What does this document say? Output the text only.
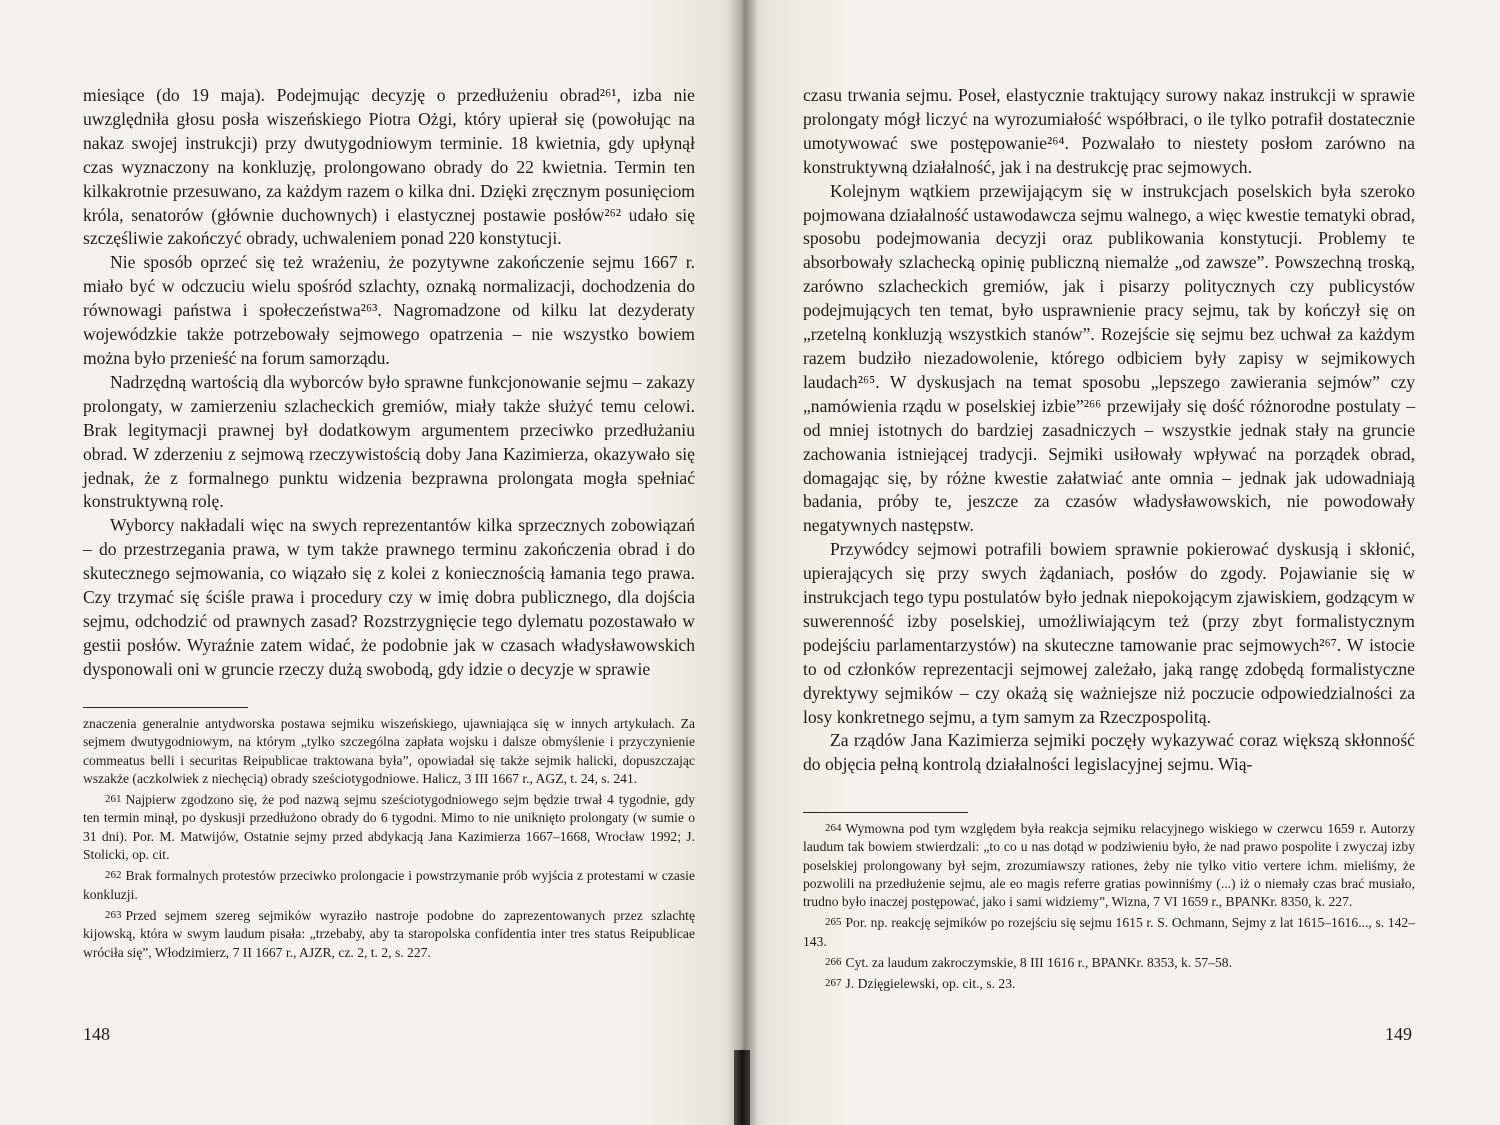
miesiące (do 19 maja). Podejmując decyzję o przedłużeniu obrad²⁶¹, izba nie uwzględniła głosu posła wiszeńskiego Piotra Ożgi, który upierał się (powołując na nakaz swojej instrukcji) przy dwutygodniowym terminie. 18 kwietnia, gdy upłynął czas wyznaczony na konkluzję, prolongowano obrady do 22 kwietnia. Termin ten kilkakrotnie przesuwano, za każdym razem o kilka dni. Dzięki zręcznym posunięciom króla, senatorów (głównie duchownych) i elastycznej postawie posłów²⁶² udało się szczęśliwie zakończyć obrady, uchwaleniem ponad 220 konstytucji.

Nie sposób oprzeć się też wrażeniu, że pozytywne zakończenie sejmu 1667 r. miało być w odczuciu wielu spośród szlachty, oznaką normalizacji, dochodzenia do równowagi państwa i społeczeństwa²⁶³. Nagromadzone od kilku lat dezyderaty wojewódzkie także potrzebowały sejmowego opatrzenia – nie wszystko bowiem można było przenieść na forum samorządu.

Nadrzędną wartością dla wyborców było sprawne funkcjonowanie sejmu – zakazy prolongaty, w zamierzeniu szlacheckich gremiów, miały także służyć temu celowi. Brak legitymacji prawnej był dodatkowym argumentem przeciwko przedłużaniu obrad. W zderzeniu z sejmową rzeczywistością doby Jana Kazimierza, okazywało się jednak, że z formalnego punktu widzenia bezprawna prolongata mogła spełniać konstruktywną rolę.

Wyborcy nakładali więc na swych reprezentantów kilka sprzecznych zobowiązań – do przestrzegania prawa, w tym także prawnego terminu zakończenia obrad i do skutecznego sejmowania, co wiązało się z kolei z koniecznością łamania tego prawa. Czy trzymać się ściśle prawa i procedury czy w imię dobra publicznego, dla dojścia sejmu, odchodzić od prawnych zasad? Rozstrzygnięcie tego dylematu pozostawało w gestii posłów. Wyraźnie zatem widać, że podobnie jak w czasach władysławowskich dysponowali oni w gruncie rzeczy dużą swobodą, gdy idzie o decyzje w sprawie

znaczenia generalnie antydworska postawa sejmiku wiszeńskiego, ujawniająca się w innych artykułach. Za sejmem dwutygodniowym, na którym „tylko szczególna zapłata wojsku i dalsze obmyślenie i przyczynienie commeatus belli i securitas Reipublicae traktowana była”, opowiadał się także sejmik halicki, dopuszczając wszakże (aczkolwiek z niechęcią) obrady sześciotygodniowe. Halicz, 3 III 1667 r., AGZ, t. 24, s. 241.

$^{261}$ Najpierw zgodzono się, że pod nazwą sejmu sześciotygodniowego sejm będzie trwał 4 tygodnie, gdy ten termin minął, po dyskusji przedłużono obrady do 6 tygodni. Mimo to nie uniknięto prolongaty (w sumie o 31 dni). Por. M. Matwijów, Ostatnie sejmy przed abdykacją Jana Kazimierza 1667–1668, Wrocław 1992; J. Stolicki, op. cit.

$^{262}$ Brak formalnych protestów przeciwko prolongacie i powstrzymanie prób wyjścia z protestami w czasie konkluzji.

$^{263}$ Przed sejmem szereg sejmików wyraziło nastroje podobne do zaprezentowanych przez szlachtę kijowską, która w swym laudum pisała: „trzebaby, aby ta staropolska confidentia inter tres status Reipublicae wróciła się”, Włodzimierz, 7 II 1667 r., AJZR, cz. 2, t. 2, s. 227.

148

czasu trwania sejmu. Poseł, elastycznie traktujący surowy nakaz instrukcji w sprawie prolongaty mógł liczyć na wyrozumiałość współbraci, o ile tylko potrafił dostatecznie umotywować swe postępowanie²⁶⁴. Pozwalało to niestety posłom zarówno na konstruktywną działalność, jak i na destrukcję prac sejmowych.

Kolejnym wątkiem przewijającym się w instrukcjach poselskich była szeroko pojmowana działalność ustawodawcza sejmu walnego, a więc kwestie tematyki obrad, sposobu podejmowania decyzji oraz publikowania konstytucji. Problemy te absorbowały szlachecką opinię publiczną niemalże „od zawsze”. Powszechną troską, zarówno szlacheckich gremiów, jak i pisarzy politycznych czy publicystów podejmujących ten temat, było usprawnienie pracy sejmu, tak by kończył się on „rzetelną konkluzją wszystkich stanów”. Rozejście się sejmu bez uchwał za każdym razem budziło niezadowolenie, którego odbiciem były zapisy w sejmikowych laudach²⁶⁵. W dyskusjach na temat sposobu „lepszego zawierania sejmów” czy „namówienia rządu w poselskiej izbie”²⁶⁶ przewijały się dość różnorodne postulaty – od mniej istotnych do bardziej zasadniczych – wszystkie jednak stały na gruncie zachowania istniejącej tradycji. Sejmiki usiłowały wpływać na porządek obrad, domagając się, by różne kwestie załatwiać ante omnia – jednak jak udowadniają badania, próby te, jeszcze za czasów władysławowskich, nie powodowały negatywnych następstw.

Przywódcy sejmowi potrafili bowiem sprawnie pokierować dyskusją i skłonić, upierających się przy swych żądaniach, posłów do zgody. Pojawianie się w instrukcjach tego typu postulatów było jednak niepokojącym zjawiskiem, godzącym w suwerenność izby poselskiej, umożliwiającym też (przy zbyt formalistycznym podejściu parlamentarzystów) na skuteczne tamowanie prac sejmowych²⁶⁷. W istocie to od członków reprezentacji sejmowej zależało, jaką rangę zdobędą formalistyczne dyrektywy sejmików – czy okażą się ważniejsze niż poczucie odpowiedzialności za losy konkretnego sejmu, a tym samym za Rzeczpospolitą.

Za rządów Jana Kazimierza sejmiki poczęły wykazywać coraz większą skłonność do objęcia pełną kontrolą działalności legislacyjnej sejmu. Wią-

$^{264}$ Wymowna pod tym względem była reakcja sejmiku relacyjnego wiskiego w czerwcu 1659 r. Autorzy laudum tak bowiem stwierdzali: „to co u nas dotąd w podziwieniu było, że nad prawo pospolite i zwyczaj izby poselskiej prolongowany był sejm, zrozumiawszy rationes, żeby nie tylko vitio vertere ichm. mieliśmy, że pozwolili na przedłużenie sejmu, ale eo magis referre gratias powinniśmy (...) iż o niemały czas brać musiało, trudno było inaczej postępować, jako i sami widziemy”, Wizna, 7 VI 1659 r., BPANKr. 8350, k. 227.

$^{265}$ Por. np. reakcję sejmików po rozejściu się sejmu 1615 r. S. Ochmann, Sejmy z lat 1615–1616..., s. 142–143.

$^{266}$ Cyt. za laudum zakroczymskie, 8 III 1616 r., BPANKr. 8353, k. 57–58.

$^{267}$ J. Dzięgielewski, op. cit., s. 23.

149
